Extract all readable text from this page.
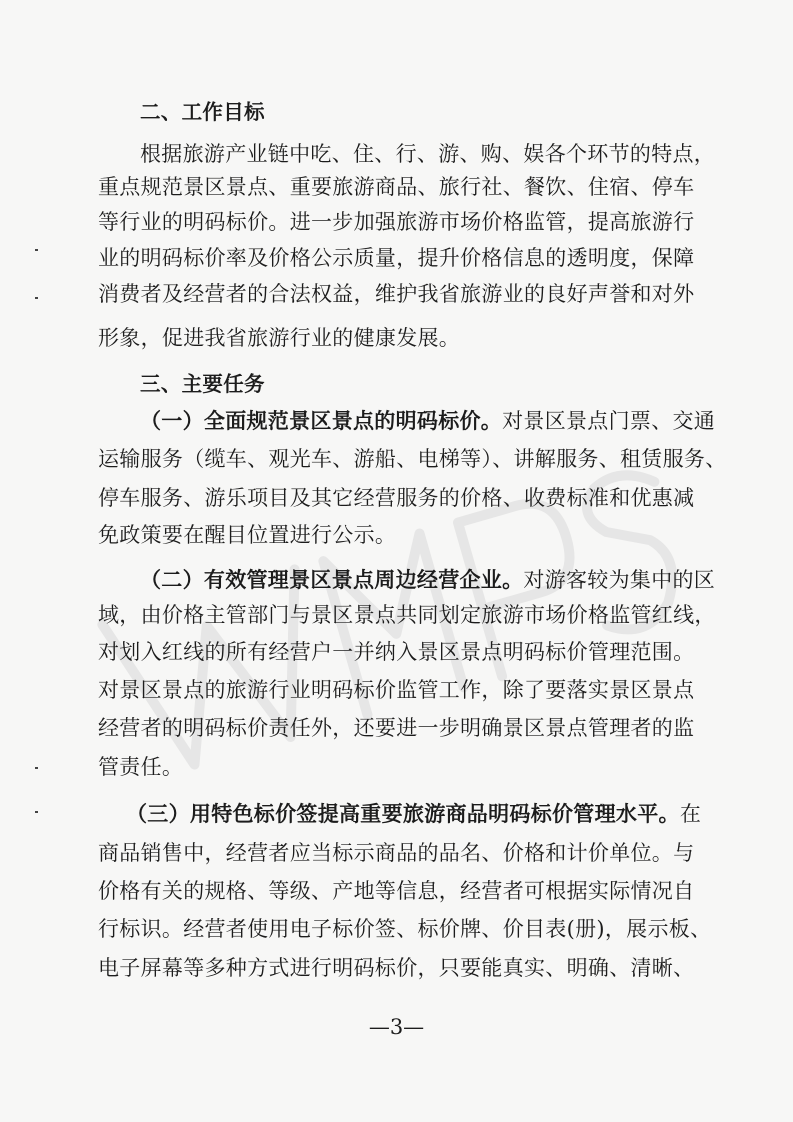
二、工作目标
根据旅游产业链中吃、住、行、游、购、娱各个环节的特点，
重点规范景区景点、重要旅游商品、旅行社、餐饮、住宿、停车
等行业的明码标价。进一步加强旅游市场价格监管，提高旅游行
业的明码标价率及价格公示质量，提升价格信息的透明度，保障
消费者及经营者的合法权益，维护我省旅游业的良好声誉和对外
形象，促进我省旅游行业的健康发展。
三、主要任务
（一）全面规范景区景点的明码标价。对景区景点门票、交通
运输服务（缆车、观光车、游船、电梯等）、讲解服务、租赁服务、
停车服务、游乐项目及其它经营服务的价格、收费标准和优惠减
免政策要在醒目位置进行公示。
（二）有效管理景区景点周边经营企业。对游客较为集中的区
域，由价格主管部门与景区景点共同划定旅游市场价格监管红线，
对划入红线的所有经营户一并纳入景区景点明码标价管理范围。
对景区景点的旅游行业明码标价监管工作，除了要落实景区景点
经营者的明码标价责任外，还要进一步明确景区景点管理者的监
管责任。
（三）用特色标价签提高重要旅游商品明码标价管理水平。在
商品销售中，经营者应当标示商品的品名、价格和计价单位。与
价格有关的规格、等级、产地等信息，经营者可根据实际情况自
行标识。经营者使用电子标价签、标价牌、价目表(册)，展示板、
电子屏幕等多种方式进行明码标价，只要能真实、明确、清晰、
—3—
